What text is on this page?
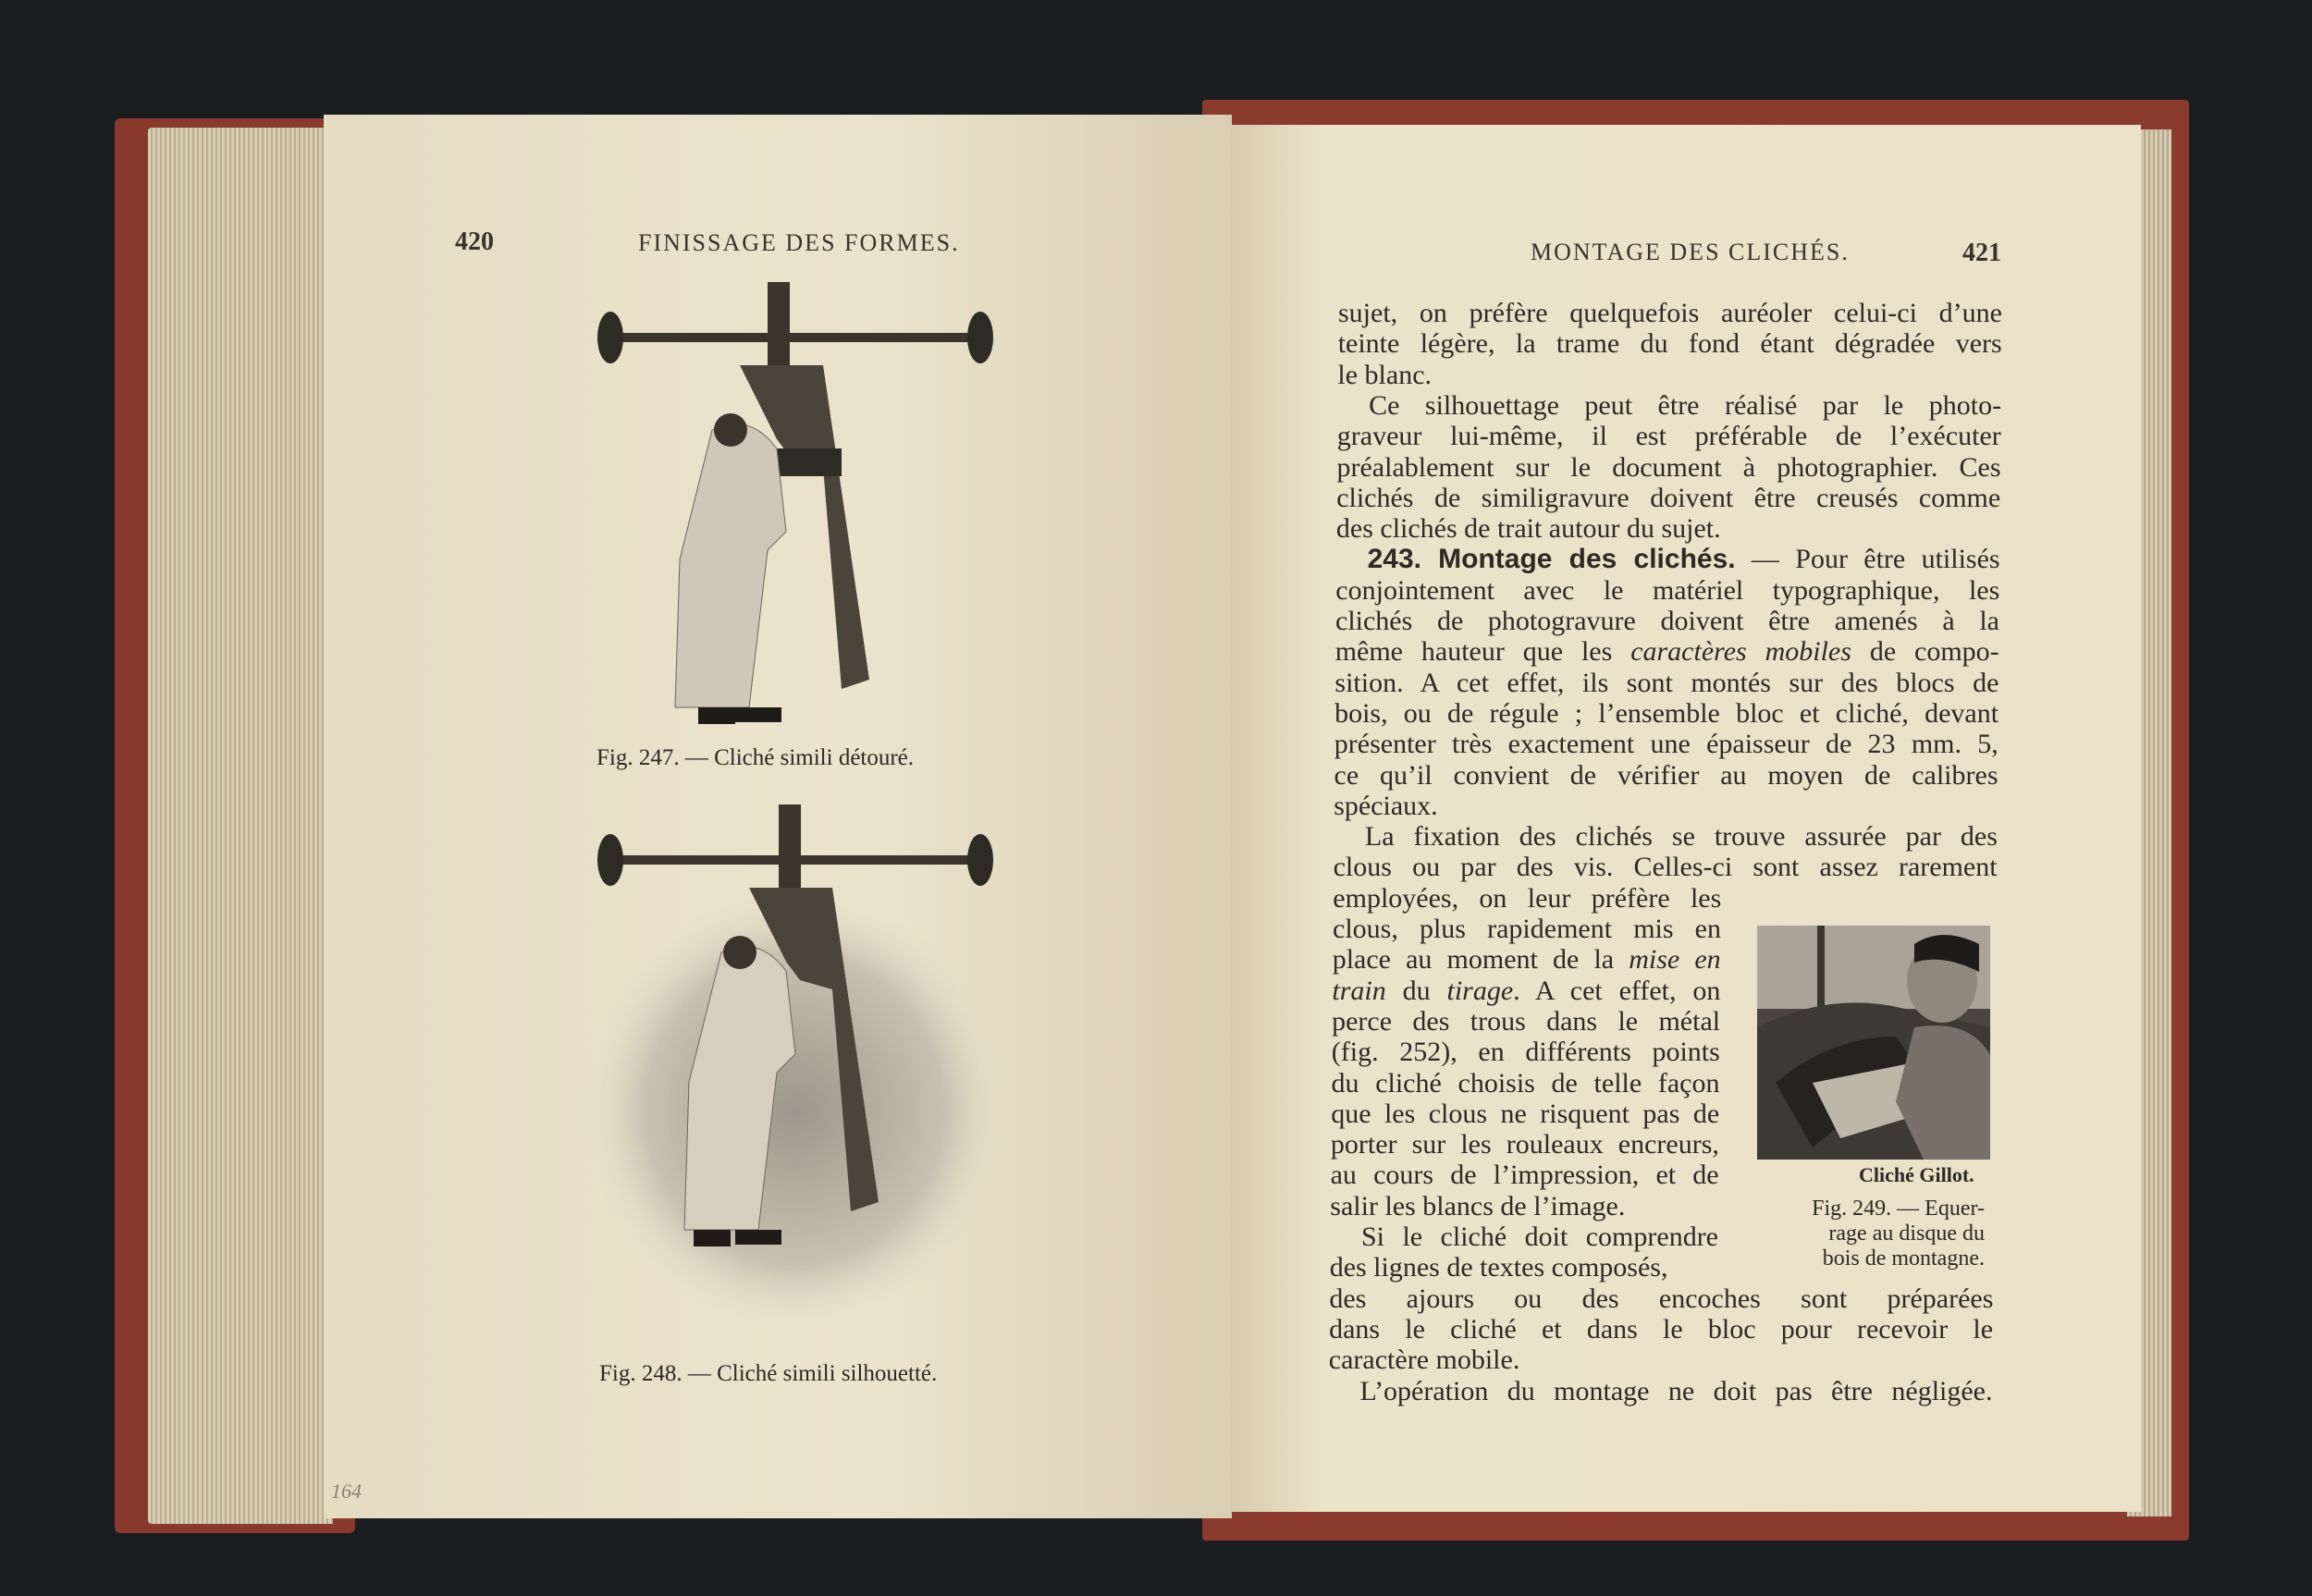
420	FINISSAGE DES FORMES.
Fig. 247. — Cliché simili détouré.
Fig. 248. — Cliché simili silhouetté.
164
MONTAGE DES CLICHÉS.	421
sujet, on préfère quelquefois auréoler celui-ci d’une
teinte légère, la trame du fond étant dégradée vers
le blanc.
Ce silhouettage peut être réalisé par le photo-
graveur lui-même, il est préférable de l’exécuter
préalablement sur le document à photographier. Ces
clichés de similigravure doivent être creusés comme
des clichés de trait autour du sujet.
243. Montage des clichés. — Pour être utilisés
conjointement avec le matériel typographique, les
clichés de photogravure doivent être amenés à la
même hauteur que les caractères mobiles de compo-
sition. A cet effet, ils sont montés sur des blocs de
bois, ou de régule ; l’ensemble bloc et cliché, devant
présenter très exactement une épaisseur de 23 mm. 5,
ce qu’il convient de vérifier au moyen de calibres
spéciaux.
La fixation des clichés se trouve assurée par des
clous ou par des vis. Celles-ci sont assez rarement
employées, on leur préfère les
clous, plus rapidement mis en
place au moment de la mise en
train du tirage. A cet effet, on
perce des trous dans le métal
(fig. 252), en différents points
du cliché choisis de telle façon
que les clous ne risquent pas de
porter sur les rouleaux encreurs,
au cours de l’impression, et de
salir les blancs de l’image.
Si le cliché doit comprendre
des lignes de textes composés,
des ajours ou des encoches sont préparées
dans le cliché et dans le bloc pour recevoir le
caractère mobile.
L’opération du montage ne doit pas être négligée.
Cliché Gillot.
Fig. 249. — Equer-
rage au disque du
bois de montagne.
